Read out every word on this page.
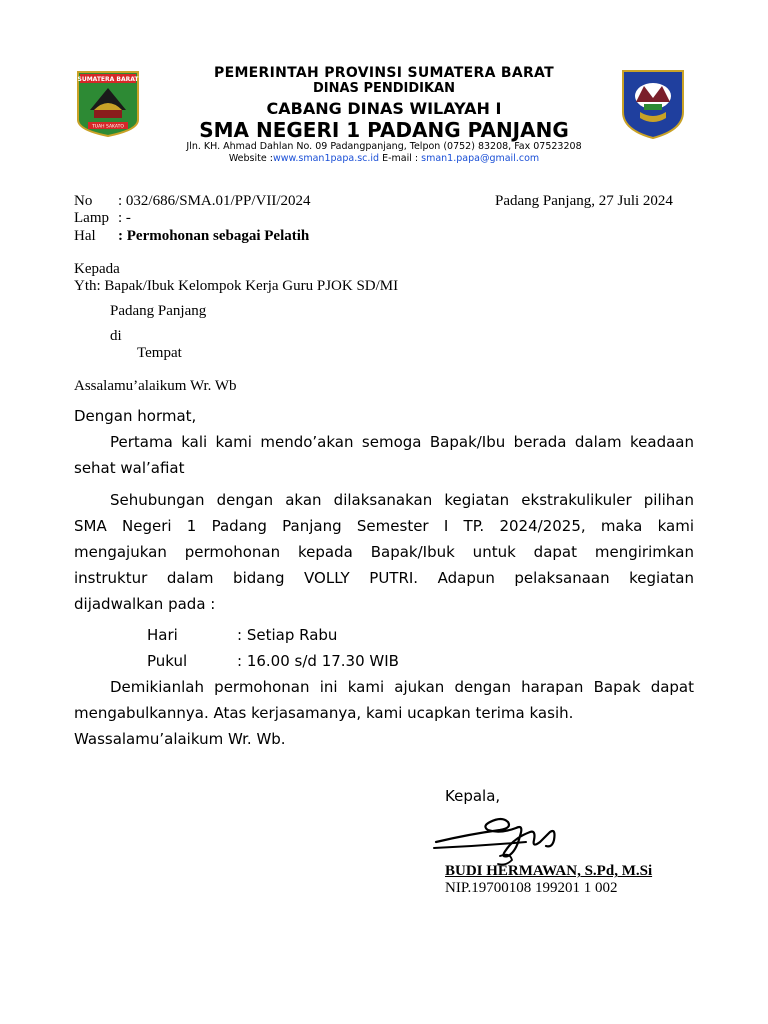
SUMATERA BARAT
TUAH SAKATO
PEMERINTAH PROVINSI SUMATERA BARAT
DINAS PENDIDIKAN
CABANG DINAS WILAYAH I
SMA NEGERI 1 PADANG PANJANG
Jln. KH. Ahmad Dahlan No. 09 Padangpanjang, Telpon (0752) 83208, Fax 07523208
Website :www.sman1papa.sc.id E-mail : sman1.papa@gmail.com
No : 032/686/SMA.01/PP/VII/2024	Padang Panjang, 27 Juli 2024
Lamp : -
Hal : Permohonan sebagai Pelatih
Kepada
Yth: Bapak/Ibuk Kelompok Kerja Guru PJOK SD/MI
Padang Panjang
di
Tempat
Assalamu’alaikum Wr. Wb
Dengan hormat,
Pertama kali kami mendo’akan semoga Bapak/Ibu berada dalam keadaan
sehat wal’afiat
Sehubungan dengan akan dilaksanakan kegiatan ekstrakulikuler pilihan
SMA Negeri 1 Padang Panjang Semester I TP. 2024/2025, maka kami
mengajukan permohonan kepada Bapak/Ibuk untuk dapat mengirimkan
instruktur dalam bidang VOLLY PUTRI. Adapun pelaksanaan kegiatan
dijadwalkan pada :
Hari	: Setiap Rabu
Pukul	: 16.00 s/d 17.30 WIB
Demikianlah permohonan ini kami ajukan dengan harapan Bapak dapat
mengabulkannya. Atas kerjasamanya, kami ucapkan terima kasih.
Wassalamu’alaikum Wr. Wb.
Kepala,
BUDI HERMAWAN, S.Pd, M.Si
NIP.19700108 199201 1 002
